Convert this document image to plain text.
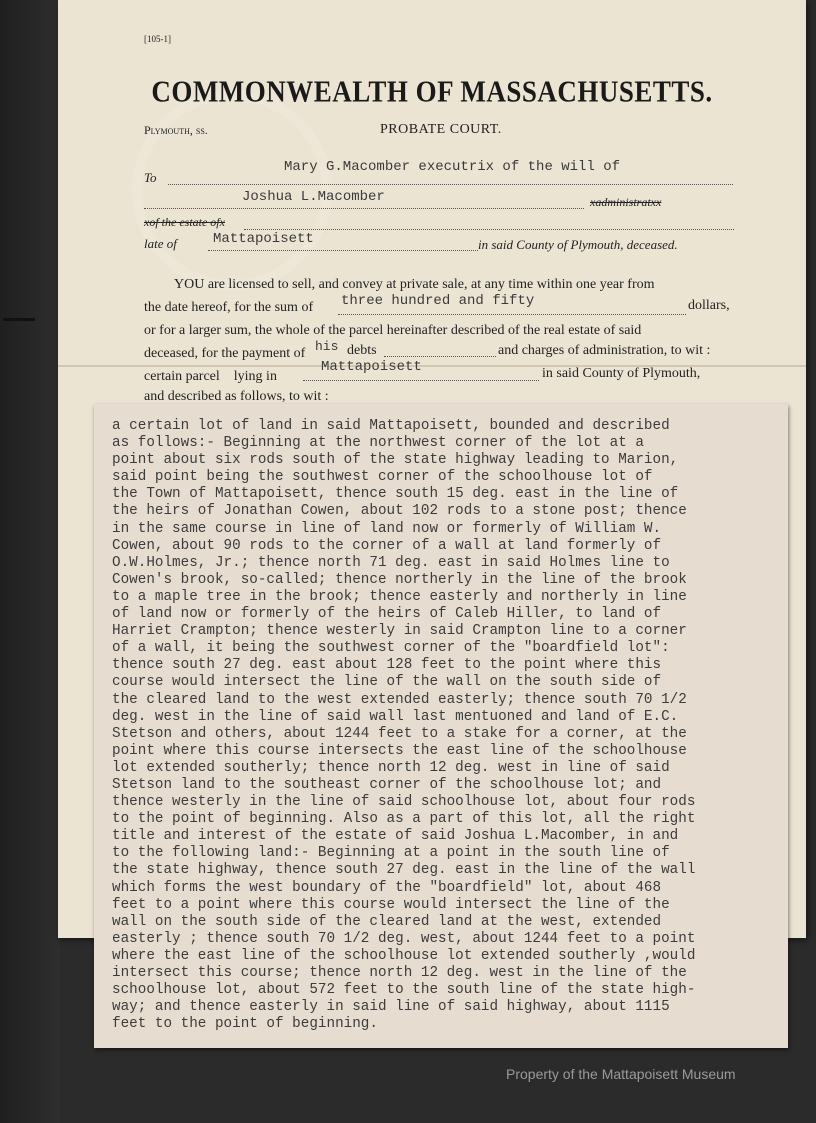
[105-1]
COMMONWEALTH OF MASSACHUSETTS.
Plymouth, ss.	PROBATE COURT.
To
Mary G.Macomber executrix of the will of
Joshua L.Macomber	xadministratxx
xof the estate ofx
late of	Mattapoisett	in said County of Plymouth, deceased.
YOU are licensed to sell, and convey at private sale, at any time within one year from
the date hereof, for the sum of	three hundred and fifty	dollars,
or for a larger sum, the whole of the parcel hereinafter described of the real estate of said
deceased, for the payment of his debts	and charges of administration, to wit :
certain parcel    lying in
Mattapoisett	in said County of Plymouth,
and described as follows, to wit :
a certain lot of land in said Mattapoisett, bounded and described
as follows:- Beginning at the northwest corner of the lot at a
point about six rods south of the state highway leading to Marion,
said point being the southwest corner of the schoolhouse lot of
the Town of Mattapoisett, thence south 15 deg. east in the line of
the heirs of Jonathan Cowen, about 102 rods to a stone post; thence
in the same course in line of land now or formerly of William W.
Cowen, about 90 rods to the corner of a wall at land formerly of
O.W.Holmes, Jr.; thence north 71 deg. east in said Holmes line to
Cowen's brook, so-called; thence northerly in the line of the brook
to a maple tree in the brook; thence easterly and northerly in line
of land now or formerly of the heirs of Caleb Hiller, to land of
Harriet Crampton; thence westerly in said Crampton line to a corner
of a wall, it being the southwest corner of the "boardfield lot":
thence south 27 deg. east about 128 feet to the point where this
course would intersect the line of the wall on the south side of
the cleared land to the west extended easterly; thence south 70 1/2
deg. west in the line of said wall last mentuoned and land of E.C.
Stetson and others, about 1244 feet to a stake for a corner, at the
point where this course intersects the east line of the schoolhouse
lot extended southerly; thence north 12 deg. west in line of said
Stetson land to the southeast corner of the schoolhouse lot; and
thence westerly in the line of said schoolhouse lot, about four rods
to the point of beginning. Also as a part of this lot, all the right
title and interest of the estate of said Joshua L.Macomber, in and
to the following land:- Beginning at a point in the south line of
the state highway, thence south 27 deg. east in the line of the wall
which forms the west boundary of the "boardfield" lot, about 468
feet to a point where this course would intersect the line of the
wall on the south side of the cleared land at the west, extended
easterly ; thence south 70 1/2 deg. west, about 1244 feet to a point
where the east line of the schoolhouse lot extended southerly ,would
intersect this course; thence north 12 deg. west in the line of the
schoolhouse lot, about 572 feet to the south line of the state high-
way; and thence easterly in said line of said highway, about 1115
feet to the point of beginning.
Property of the Mattapoisett Museum
